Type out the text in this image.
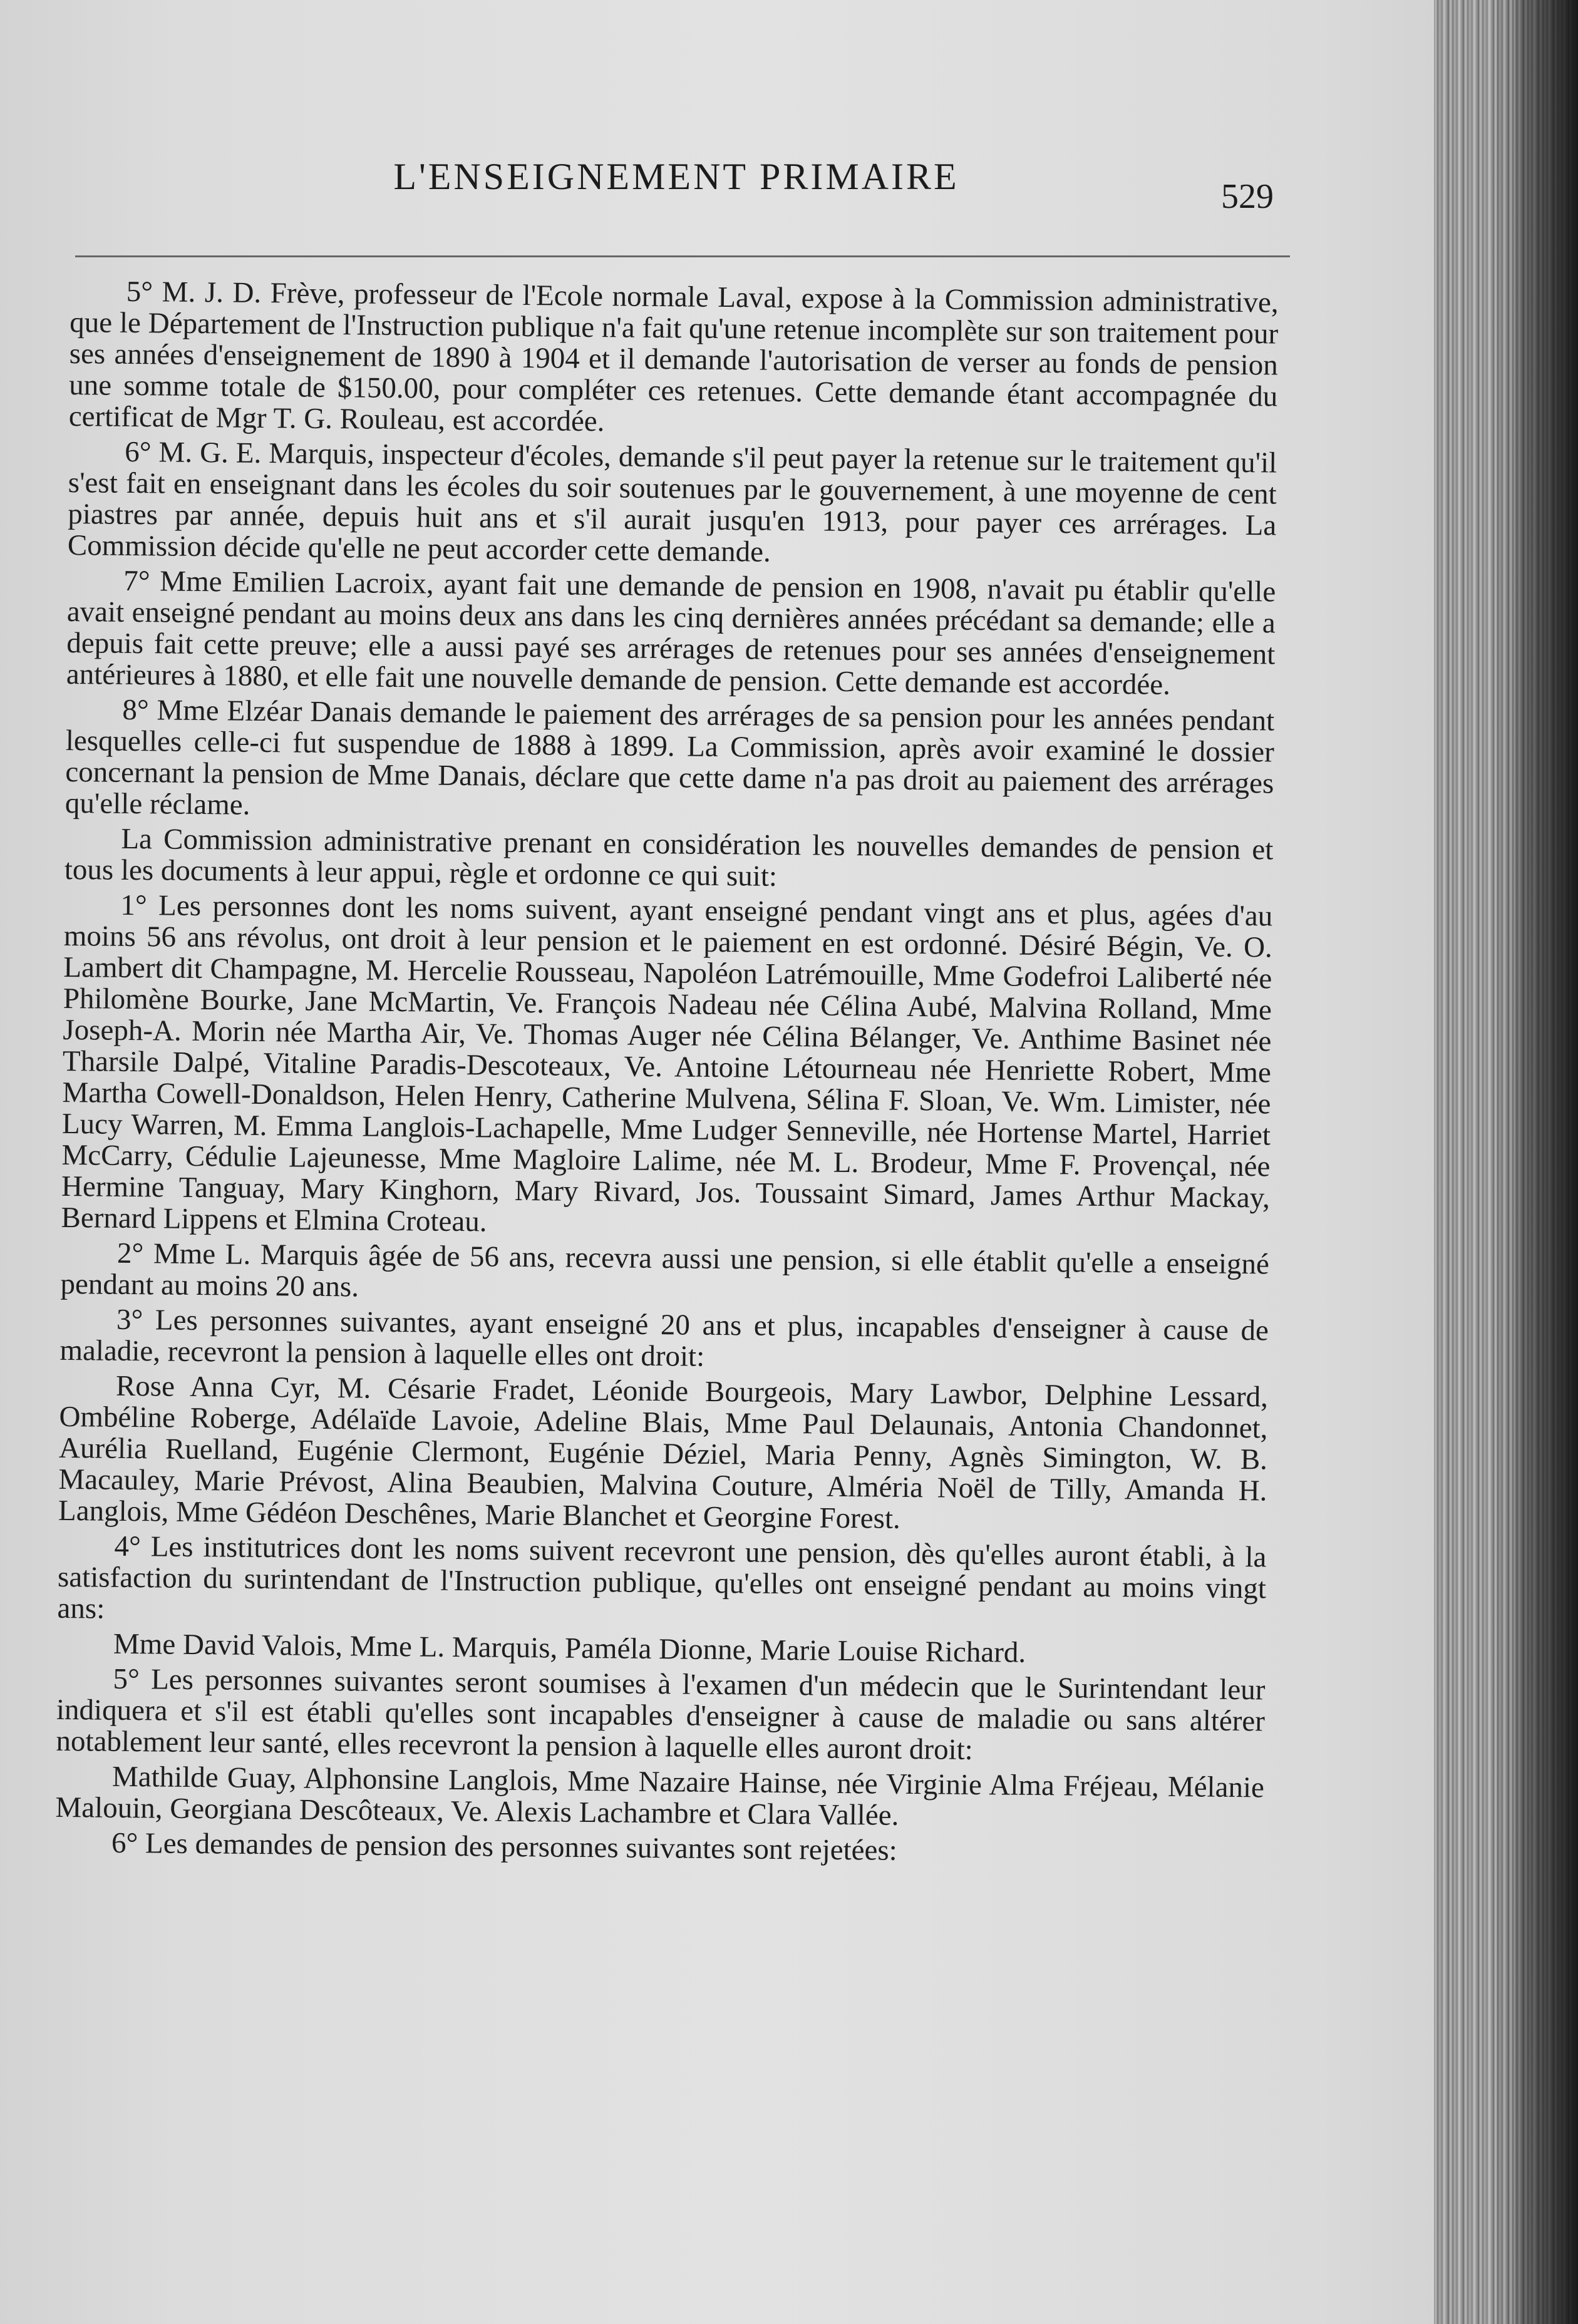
L'ENSEIGNEMENT PRIMAIRE	529

5° M. J. D. Frève, professeur de l'Ecole normale Laval, expose à la Commission administrative, que le Département de l'Instruction publique n'a fait qu'une retenue incomplète sur son traitement pour ses années d'enseignement de 1890 à 1904 et il demande l'autorisation de verser au fonds de pension une somme totale de $150.00, pour compléter ces retenues. Cette demande étant accompagnée du certificat de Mgr T. G. Rouleau, est accordée.

6° M. G. E. Marquis, inspecteur d'écoles, demande s'il peut payer la retenue sur le traitement qu'il s'est fait en enseignant dans les écoles du soir soutenues par le gouvernement, à une moyenne de cent piastres par année, depuis huit ans et s'il aurait jusqu'en 1913, pour payer ces arrérages. La Commission décide qu'elle ne peut accorder cette demande.

7° Mme Emilien Lacroix, ayant fait une demande de pension en 1908, n'avait pu établir qu'elle avait enseigné pendant au moins deux ans dans les cinq dernières années précédant sa demande; elle a depuis fait cette preuve; elle a aussi payé ses arrérages de retenues pour ses années d'enseignement antérieures à 1880, et elle fait une nouvelle demande de pension. Cette demande est accordée.

8° Mme Elzéar Danais demande le paiement des arrérages de sa pension pour les années pendant lesquelles celle-ci fut suspendue de 1888 à 1899. La Commission, après avoir examiné le dossier concernant la pension de Mme Danais, déclare que cette dame n'a pas droit au paiement des arrérages qu'elle réclame.

La Commission administrative prenant en considération les nouvelles demandes de pension et tous les documents à leur appui, règle et ordonne ce qui suit:

1° Les personnes dont les noms suivent, ayant enseigné pendant vingt ans et plus, agées d'au moins 56 ans révolus, ont droit à leur pension et le paiement en est ordonné. Désiré Bégin, Ve. O. Lambert dit Champagne, M. Hercelie Rousseau, Napoléon Latrémouille, Mme Godefroi Laliberté née Philomène Bourke, Jane McMartin, Ve. François Nadeau née Célina Aubé, Malvina Rolland, Mme Joseph-A. Morin née Martha Air, Ve. Thomas Auger née Célina Bélanger, Ve. Anthime Basinet née Tharsile Dalpé, Vitaline Paradis-Descoteaux, Ve. Antoine Létourneau née Henriette Robert, Mme Martha Cowell-Donaldson, Helen Henry, Catherine Mulvena, Sélina F. Sloan, Ve. Wm. Limister, née Lucy Warren, M. Emma Langlois-Lachapelle, Mme Ludger Senneville, née Hortense Martel, Harriet McCarry, Cédulie Lajeunesse, Mme Magloire Lalime, née M. L. Brodeur, Mme F. Provençal, née Hermine Tanguay, Mary Kinghorn, Mary Rivard, Jos. Toussaint Simard, James Arthur Mackay, Bernard Lippens et Elmina Croteau.

2° Mme L. Marquis âgée de 56 ans, recevra aussi une pension, si elle établit qu'elle a enseigné pendant au moins 20 ans.

3° Les personnes suivantes, ayant enseigné 20 ans et plus, incapables d'enseigner à cause de maladie, recevront la pension à laquelle elles ont droit:

Rose Anna Cyr, M. Césarie Fradet, Léonide Bourgeois, Mary Lawbor, Delphine Lessard, Ombéline Roberge, Adélaïde Lavoie, Adeline Blais, Mme Paul Delaunais, Antonia Chandonnet, Aurélia Ruelland, Eugénie Clermont, Eugénie Déziel, Maria Penny, Agnès Simington, W. B. Macauley, Marie Prévost, Alina Beaubien, Malvina Couture, Alméria Noël de Tilly, Amanda H. Langlois, Mme Gédéon Deschênes, Marie Blanchet et Georgine Forest.

4° Les institutrices dont les noms suivent recevront une pension, dès qu'elles auront établi, à la satisfaction du surintendant de l'Instruction publique, qu'elles ont enseigné pendant au moins vingt ans:

Mme David Valois, Mme L. Marquis, Paméla Dionne, Marie Louise Richard.

5° Les personnes suivantes seront soumises à l'examen d'un médecin que le Surintendant leur indiquera et s'il est établi qu'elles sont incapables d'enseigner à cause de maladie ou sans altérer notablement leur santé, elles recevront la pension à laquelle elles auront droit:

Mathilde Guay, Alphonsine Langlois, Mme Nazaire Hainse, née Virginie Alma Fréjeau, Mélanie Malouin, Georgiana Descôteaux, Ve. Alexis Lachambre et Clara Vallée.

6° Les demandes de pension des personnes suivantes sont rejetées:
